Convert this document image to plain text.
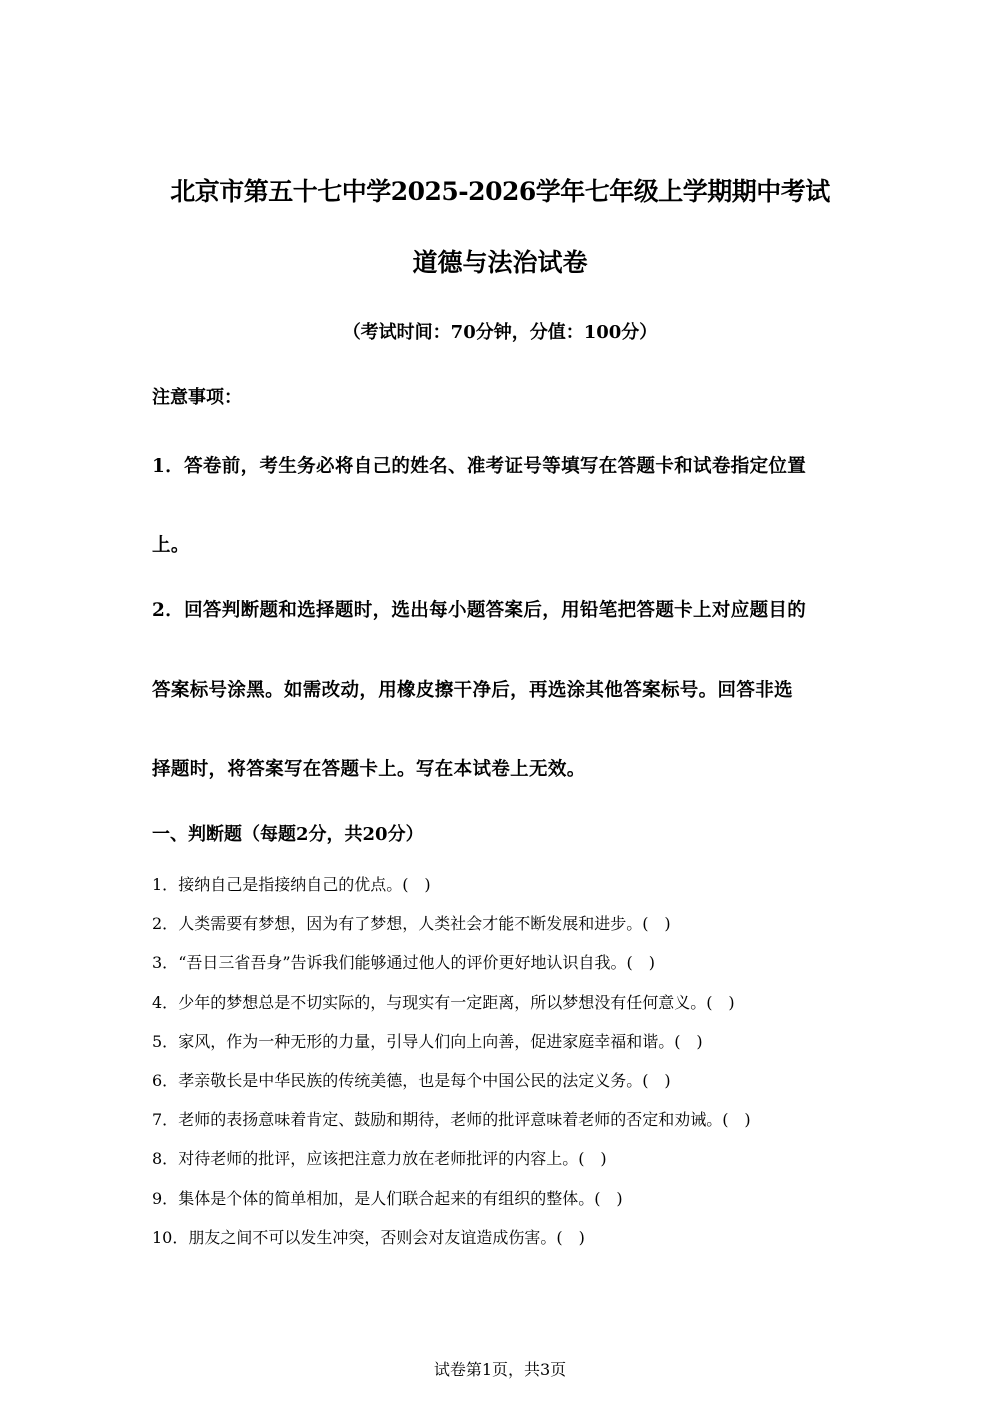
北京市第五十七中学2025-2026学年七年级上学期期中考试
道德与法治试卷
（考试时间：70分钟，分值：100分）
注意事项：
1．答卷前，考生务必将自己的姓名、准考证号等填写在答题卡和试卷指定位置
上。
2．回答判断题和选择题时，选出每小题答案后，用铅笔把答题卡上对应题目的
答案标号涂黑。如需改动，用橡皮擦干净后，再选涂其他答案标号。回答非选
择题时，将答案写在答题卡上。写在本试卷上无效。
一、判断题（每题2分，共20分）
1．接纳自己是指接纳自己的优点。(　)
2．人类需要有梦想，因为有了梦想，人类社会才能不断发展和进步。(　)
3．“吾日三省吾身”告诉我们能够通过他人的评价更好地认识自我。(　)
4．少年的梦想总是不切实际的，与现实有一定距离，所以梦想没有任何意义。(　)
5．家风，作为一种无形的力量，引导人们向上向善，促进家庭幸福和谐。(　)
6．孝亲敬长是中华民族的传统美德，也是每个中国公民的法定义务。(　)
7．老师的表扬意味着肯定、鼓励和期待，老师的批评意味着老师的否定和劝诫。(　)
8．对待老师的批评，应该把注意力放在老师批评的内容上。(　)
9．集体是个体的简单相加，是人们联合起来的有组织的整体。(　)
10．朋友之间不可以发生冲突，否则会对友谊造成伤害。(　)
试卷第1页，共3页
